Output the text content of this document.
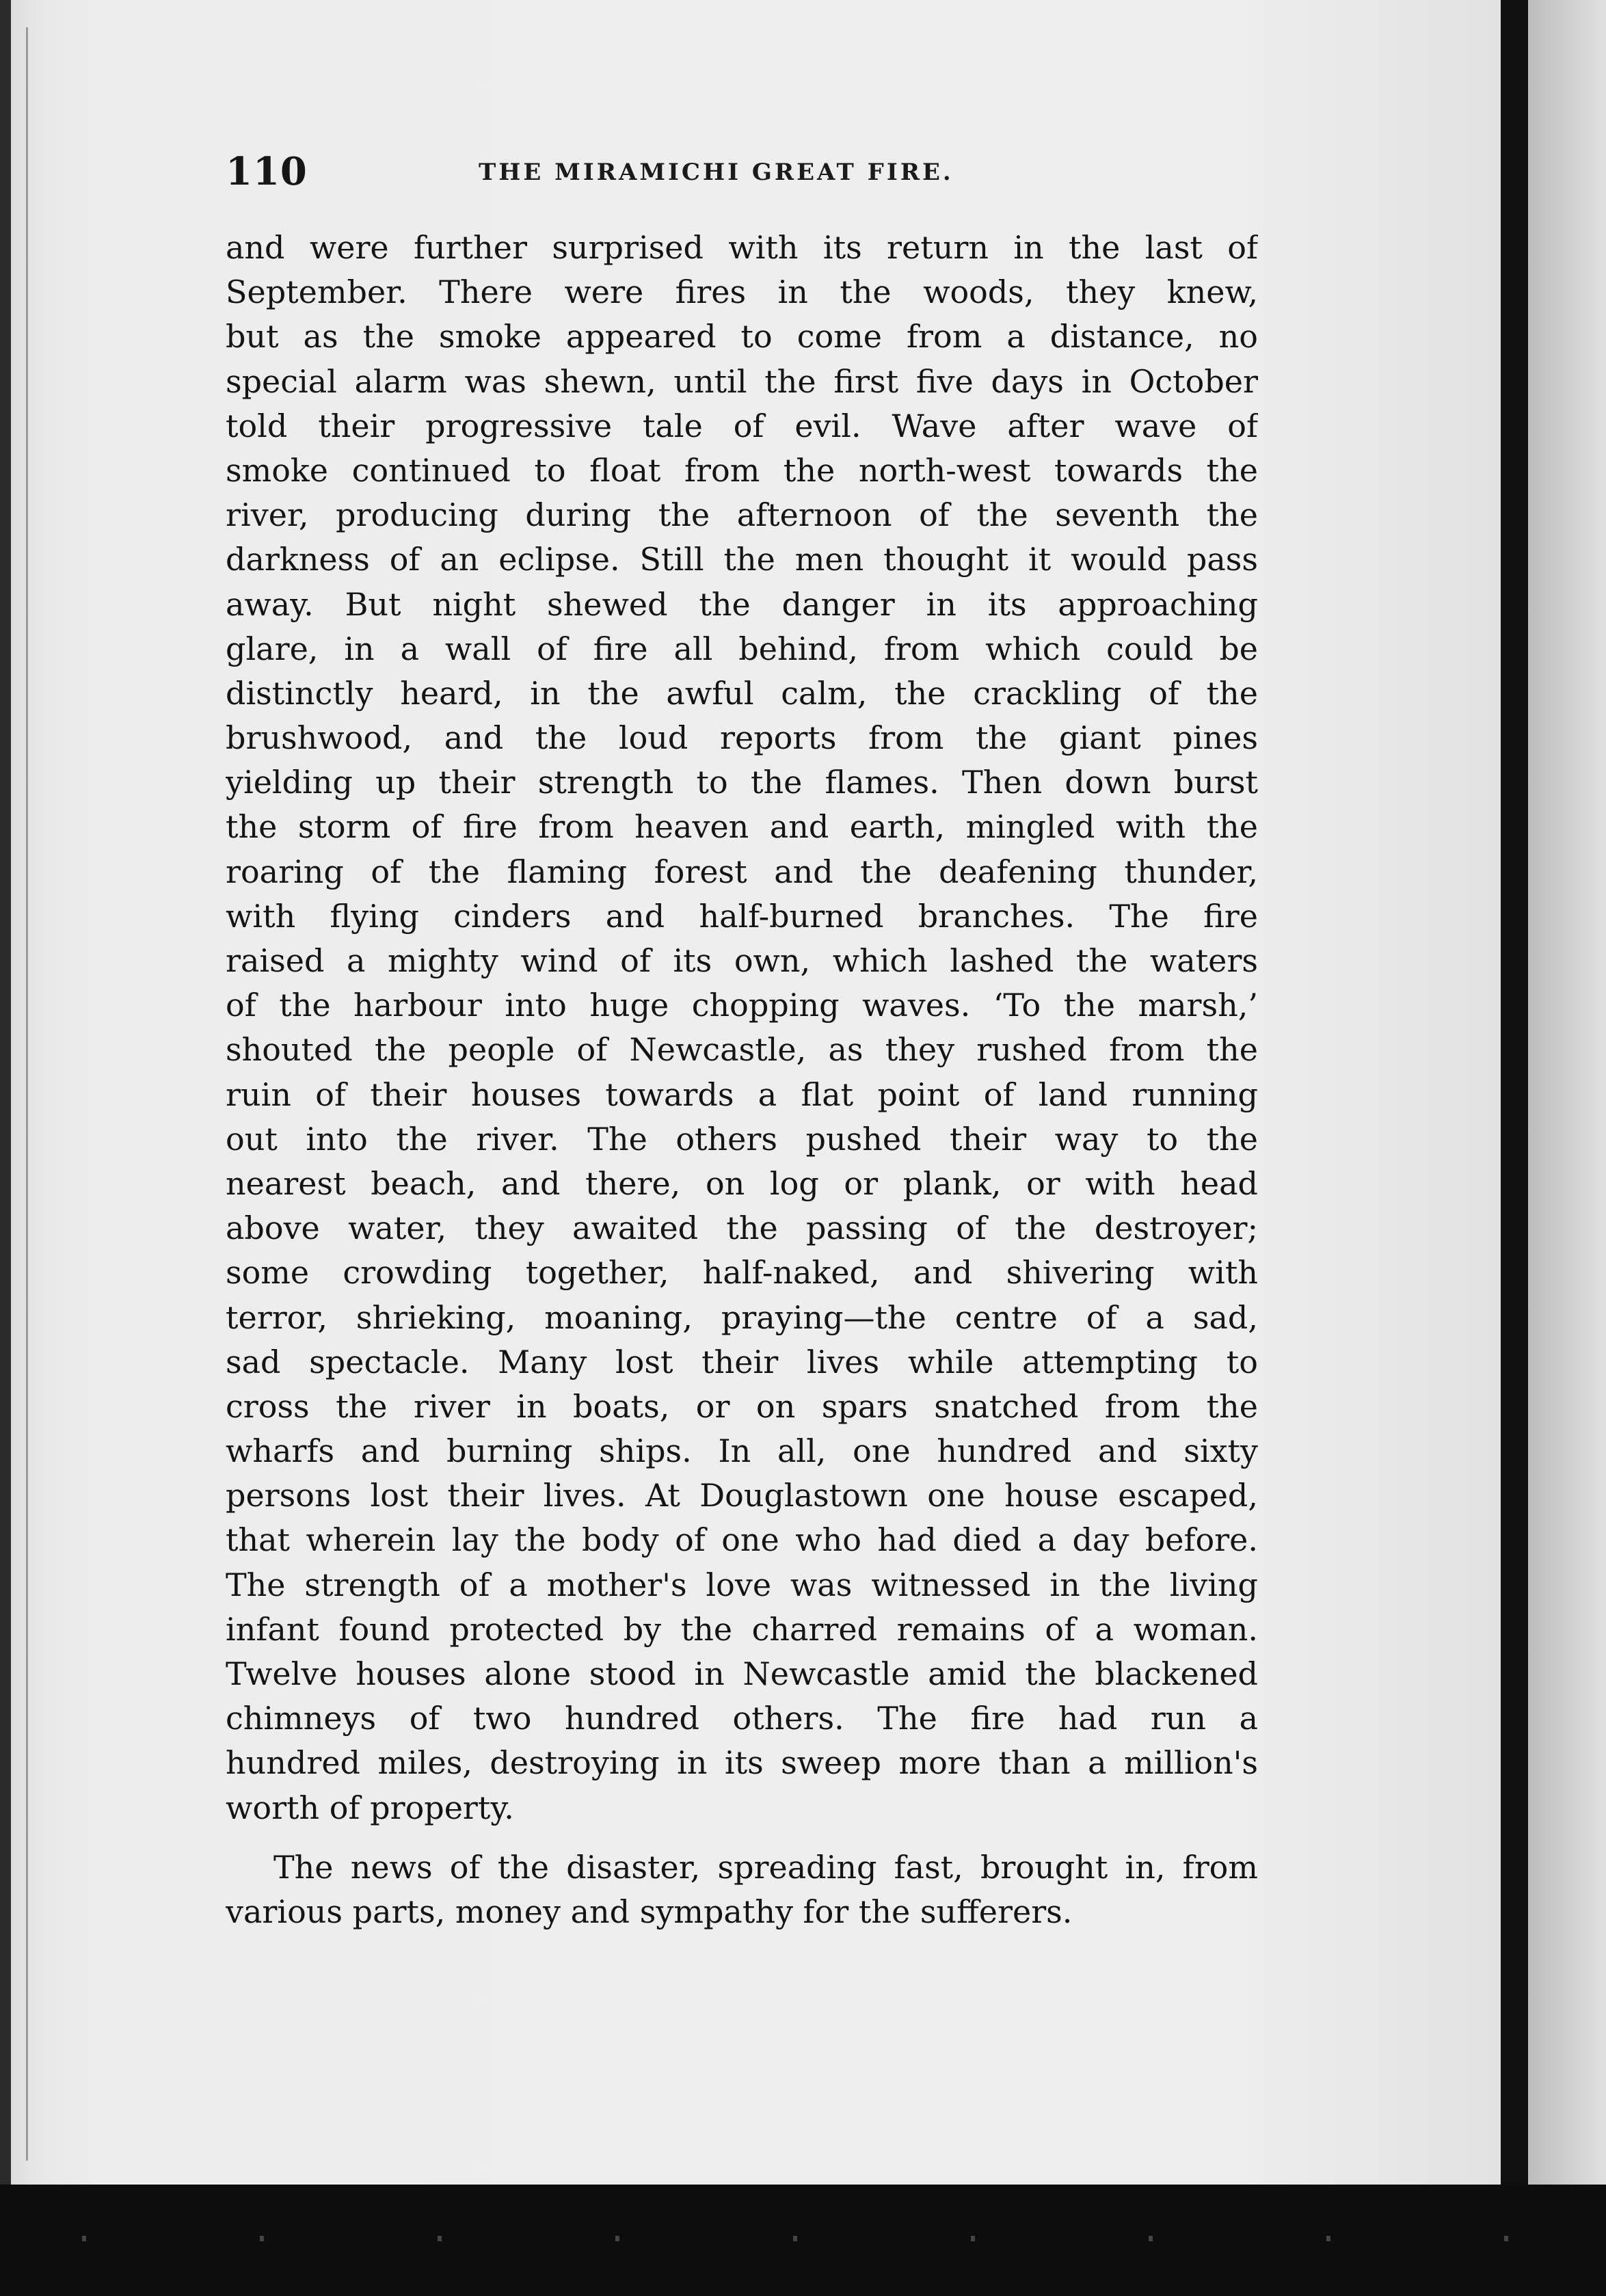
110	THE MIRAMICHI GREAT FIRE.
and were further surprised with its return in the last of
September. There were fires in the woods, they knew,
but as the smoke appeared to come from a distance, no
special alarm was shewn, until the first five days in October
told their progressive tale of evil. Wave after wave of
smoke continued to float from the north-west towards the
river, producing during the afternoon of the seventh the
darkness of an eclipse. Still the men thought it would pass
away. But night shewed the danger in its approaching
glare, in a wall of fire all behind, from which could be
distinctly heard, in the awful calm, the crackling of the
brushwood, and the loud reports from the giant pines
yielding up their strength to the flames. Then down burst
the storm of fire from heaven and earth, mingled with the
roaring of the flaming forest and the deafening thunder,
with flying cinders and half-burned branches. The fire
raised a mighty wind of its own, which lashed the waters
of the harbour into huge chopping waves. ‘To the marsh,’
shouted the people of Newcastle, as they rushed from the
ruin of their houses towards a flat point of land running
out into the river. The others pushed their way to the
nearest beach, and there, on log or plank, or with head
above water, they awaited the passing of the destroyer;
some crowding together, half-naked, and shivering with
terror, shrieking, moaning, praying—the centre of a sad,
sad spectacle. Many lost their lives while attempting to
cross the river in boats, or on spars snatched from the
wharfs and burning ships. In all, one hundred and sixty
persons lost their lives. At Douglastown one house escaped,
that wherein lay the body of one who had died a day before.
The strength of a mother's love was witnessed in the living
infant found protected by the charred remains of a woman.
Twelve houses alone stood in Newcastle amid the blackened
chimneys of two hundred others. The fire had run a
hundred miles, destroying in its sweep more than a million's
worth of property.
The news of the disaster, spreading fast, brought in, from
various parts, money and sympathy for the sufferers.
